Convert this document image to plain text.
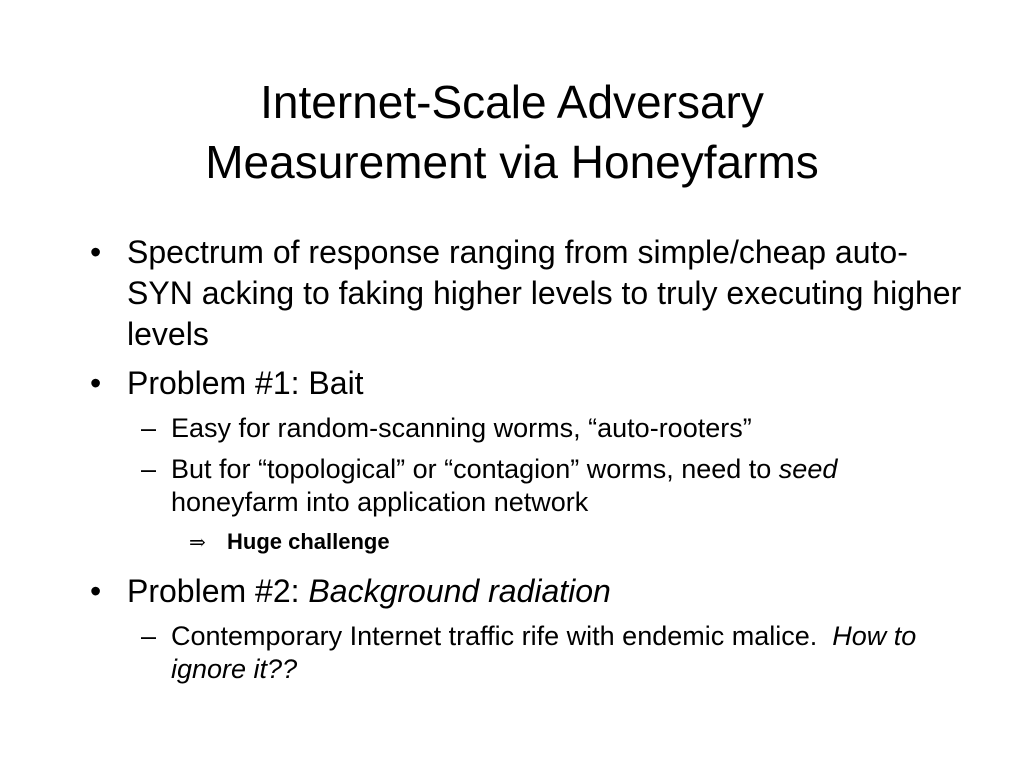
Internet-Scale Adversary
Measurement via Honeyfarms
• Spectrum of response ranging from simple/cheap auto-SYN acking to faking higher levels to truly executing higher levels
• Problem #1: Bait
– Easy for random-scanning worms, “auto-rooters”
– But for “topological” or “contagion” worms, need to seed honeyfarm into application network
⇒ Huge challenge
• Problem #2: Background radiation
– Contemporary Internet traffic rife with endemic malice.  How to ignore it??
